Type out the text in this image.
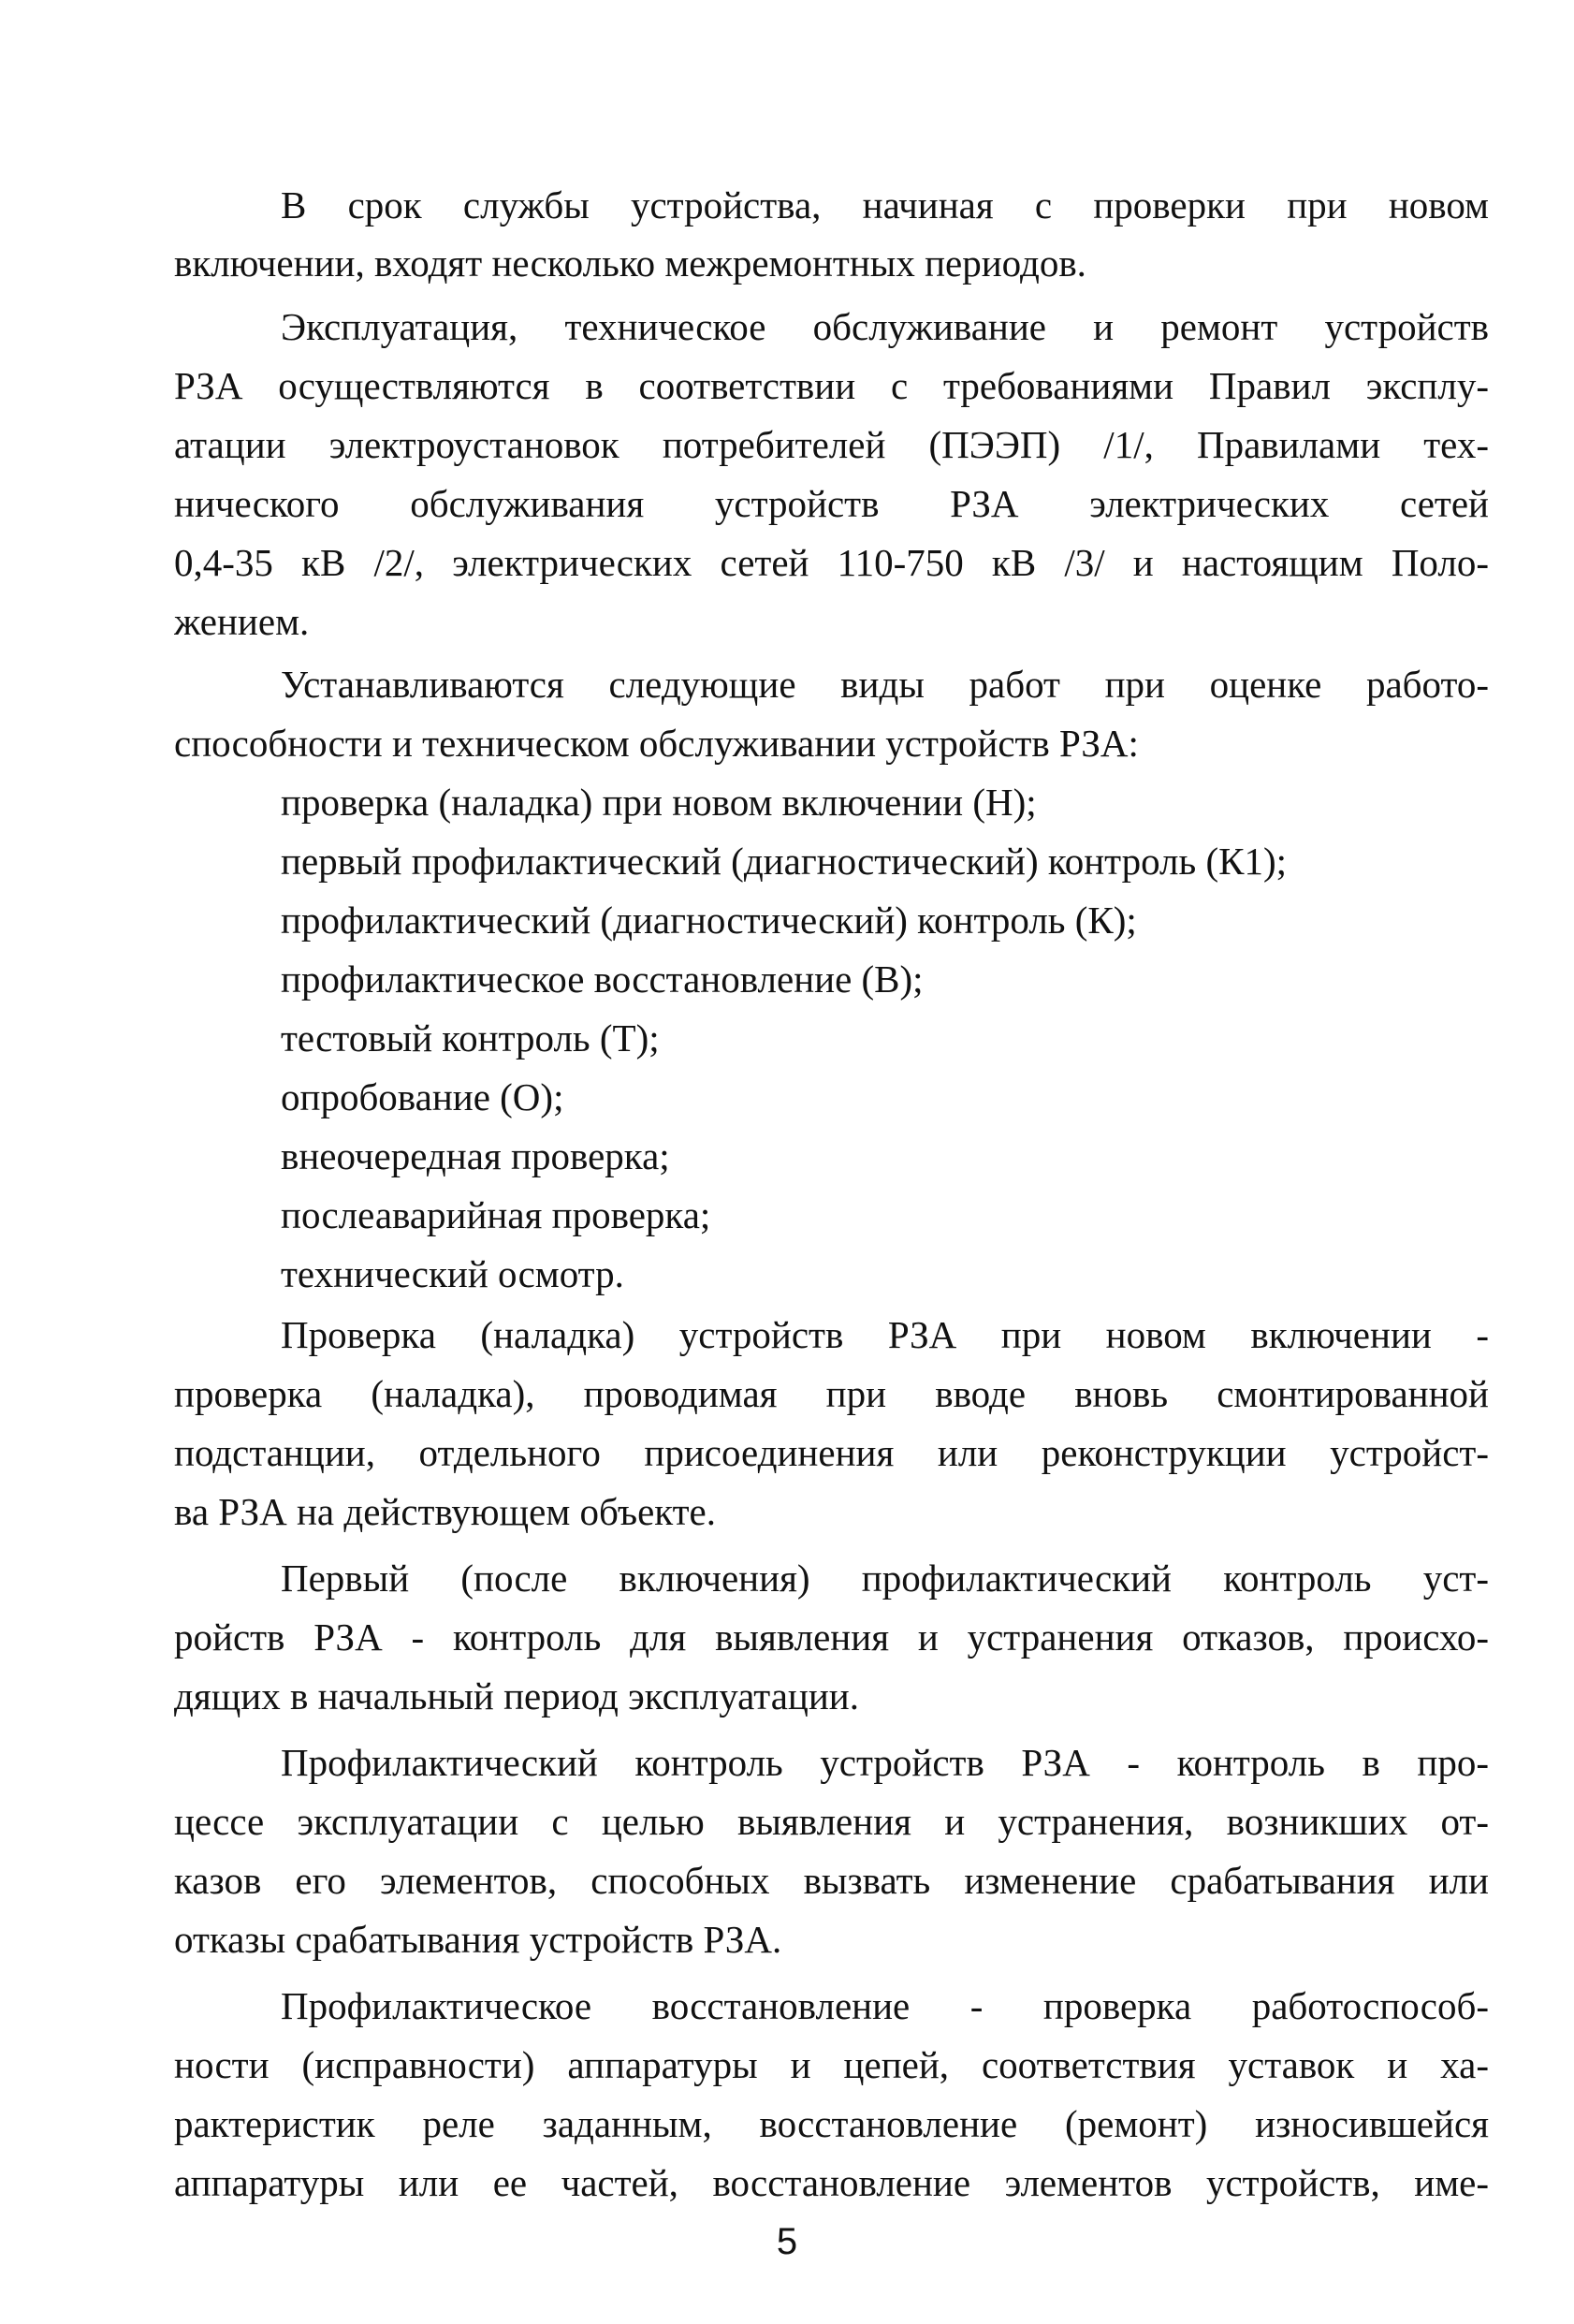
В срок службы устройства, начиная с проверки при новом
включении, входят несколько межремонтных периодов.
Эксплуатация, техническое обслуживание и ремонт устройств
РЗА осуществляются в соответствии с требованиями Правил эксплу-
атации электроустановок потребителей (ПЭЭП) /1/, Правилами тех-
нического обслуживания устройств РЗА электрических сетей
0,4-35 кВ /2/, электрических сетей 110-750 кВ /3/ и настоящим Поло-
жением.
Устанавливаются следующие виды работ при оценке работо-
способности и техническом обслуживании устройств РЗА:
проверка (наладка) при новом включении (Н);
первый профилактический (диагностический) контроль (К1);
профилактический (диагностический) контроль (К);
профилактическое восстановление (В);
тестовый контроль (Т);
опробование (О);
внеочередная проверка;
послеаварийная проверка;
технический осмотр.
Проверка (наладка) устройств РЗА при новом включении -
проверка (наладка), проводимая при вводе вновь смонтированной
подстанции, отдельного присоединения или реконструкции устройст-
ва РЗА на действующем объекте.
Первый (после включения) профилактический контроль уст-
ройств РЗА - контроль для выявления и устранения отказов, происхо-
дящих в начальный период эксплуатации.
Профилактический контроль устройств РЗА - контроль в про-
цессе эксплуатации с целью выявления и устранения, возникших от-
казов его элементов, способных вызвать изменение срабатывания или
отказы срабатывания устройств РЗА.
Профилактическое восстановление - проверка работоспособ-
ности (исправности) аппаратуры и цепей, соответствия уставок и ха-
рактеристик реле заданным, восстановление (ремонт) износившейся
аппаратуры или ее частей, восстановление элементов устройств, име-
5
